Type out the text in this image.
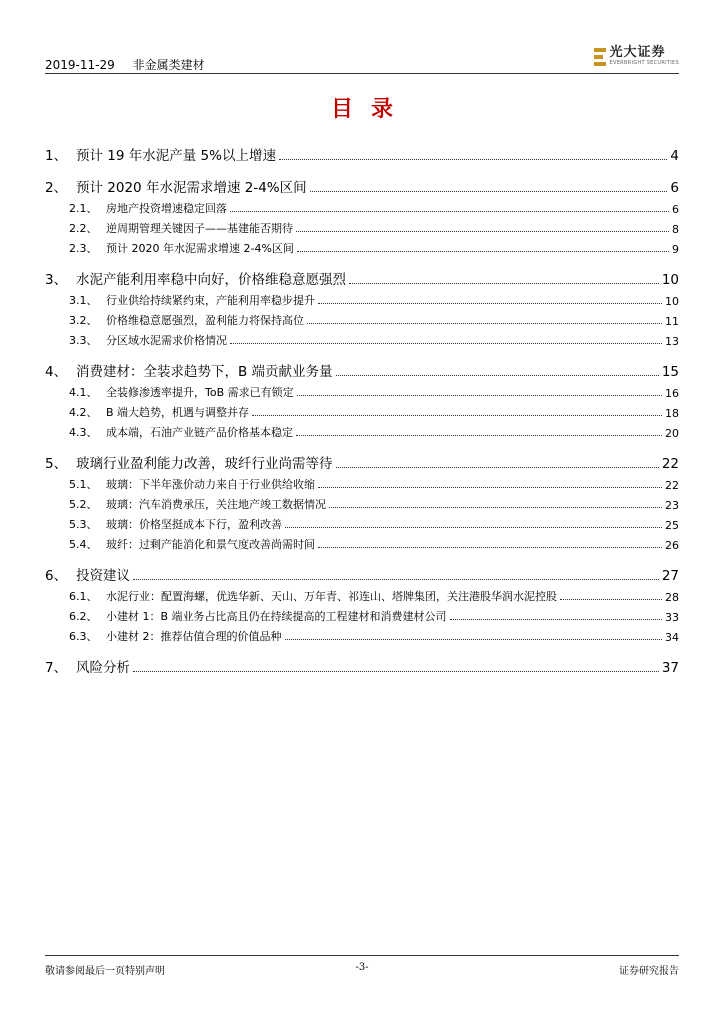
2019-11-29 非金属类建材
光大证券
EVERBRIGHT SECURITIES
目录
1、 预计 19 年水泥产量 5%以上增速	4
2、 预计 2020 年水泥需求增速 2-4%区间	6
2.1、 房地产投资增速稳定回落	6
2.2、 逆周期管理关键因子——基建能否期待	8
2.3、 预计 2020 年水泥需求增速 2-4%区间	9
3、 水泥产能利用率稳中向好，价格维稳意愿强烈	10
3.1、 行业供给持续紧约束，产能利用率稳步提升	10
3.2、 价格维稳意愿强烈，盈利能力将保持高位	11
3.3、 分区域水泥需求价格情况	13
4、 消费建材：全装求趋势下，B 端贡献业务量	15
4.1、 全装修渗透率提升，ToB 需求已有锁定	16
4.2、 B 端大趋势，机遇与调整并存	18
4.3、 成本端，石油产业链产品价格基本稳定	20
5、 玻璃行业盈利能力改善，玻纤行业尚需等待	22
5.1、 玻璃：下半年涨价动力来自于行业供给收缩	22
5.2、 玻璃：汽车消费承压，关注地产竣工数据情况	23
5.3、 玻璃：价格坚挺成本下行，盈利改善	25
5.4、 玻纤：过剩产能消化和景气度改善尚需时间	26
6、 投资建议	27
6.1、 水泥行业：配置海螺，优选华新、天山、万年青、祁连山、塔牌集团，关注港股华润水泥控股	28
6.2、 小建材 1：B 端业务占比高且仍在持续提高的工程建材和消费建材公司	33
6.3、 小建材 2：推荐估值合理的价值品种	34
7、 风险分析	37
敬请参阅最后一页特别声明	-3-	证券研究报告
